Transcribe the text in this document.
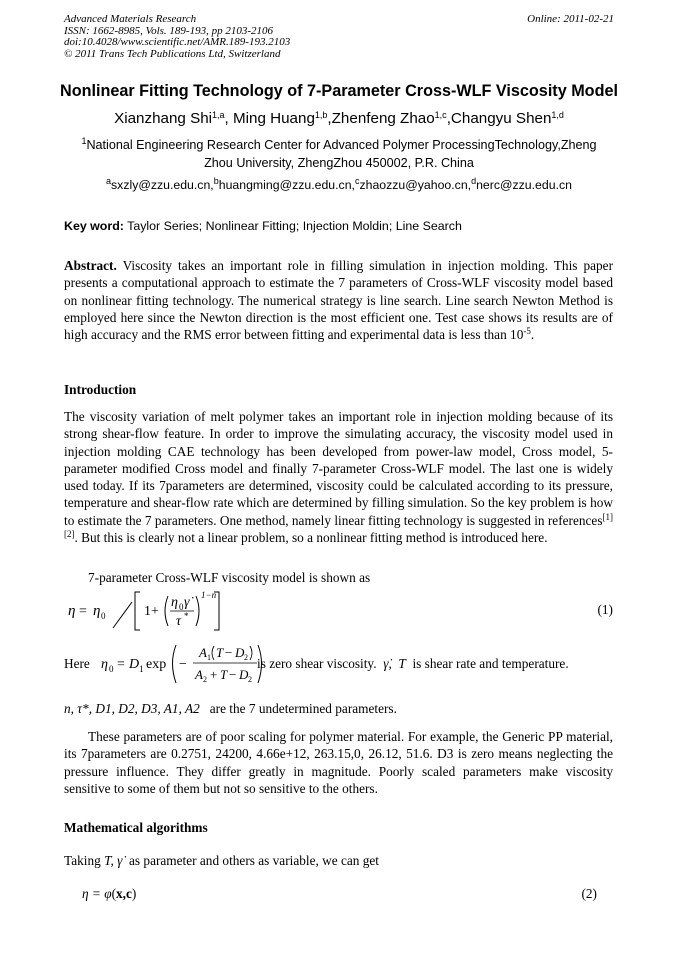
Advanced Materials Research
ISSN: 1662-8985, Vols. 189-193, pp 2103-2106
doi:10.4028/www.scientific.net/AMR.189-193.2103
© 2011 Trans Tech Publications Ltd, Switzerland
Online: 2011-02-21
Nonlinear Fitting Technology of 7-Parameter Cross-WLF Viscosity Model
Xianzhang Shi$^{1,a}$, Ming Huang$^{1,b}$,Zhenfeng Zhao$^{1,c}$,Changyu Shen$^{1,d}$
$^1$National Engineering Research Center for Advanced Polymer ProcessingTechnology,Zheng
Zhou University, ZhengZhou 450002, P.R. China
$^a$sxzly@zzu.edu.cn,$^b$huangming@zzu.edu.cn,$^c$zhaozzu@yahoo.cn,$^d$nerc@zzu.edu.cn
Key word: Taylor Series; Nonlinear Fitting; Injection Moldin; Line Search
Abstract. Viscosity takes an important role in filling simulation in injection molding. This paper presents a computational approach to estimate the 7 parameters of Cross-WLF viscosity model based on nonlinear fitting technology. The numerical strategy is line search. Line search Newton Method is employed here since the Newton direction is the most efficient one. Test case shows its results are of high accuracy and the RMS error between fitting and experimental data is less than $10^{-5}$.
Introduction
The viscosity variation of melt polymer takes an important role in injection molding because of its strong shear-flow feature. In order to improve the simulating accuracy, the viscosity model used in injection molding CAE technology has been developed from power-law model, Cross model, 5-parameter modified Cross model and finally 7-parameter Cross-WLF model. The last one is widely used today. If its 7parameters are determined, viscosity could be calculated according to its pressure, temperature and shear-flow rate which are determined by filling simulation. So the key problem is how to estimate the 7 parameters. One method, namely linear fitting technology is suggested in references[1][2]. But this is clearly not a linear problem, so a nonlinear fitting method is introduced here.
7-parameter Cross-WLF viscosity model is shown as
η = η 0	1+
η 0 γ̇
τ *
1−n
(1)
Here η 0 = D 1 exp −
A 1 T − D 2
A 2 + T − D 2
is zero shear viscosity. γ̇, T is shear rate and temperature.
n, τ*, D1, D2, D3, A1, A2 are the 7 undetermined parameters.
These parameters are of poor scaling for polymer material. For example, the Generic PP material, its 7parameters are 0.2751, 24200, 4.66e+12, 263.15,0, 26.12, 51.6. D3 is zero means neglecting the pressure influence. They differ greatly in magnitude. Poorly scaled parameters make viscosity sensitive to some of them but not so sensitive to the others.
Mathematical algorithms
Taking T, γ̇ as parameter and others as variable, we can get
η = φ(x,c)	(2)
